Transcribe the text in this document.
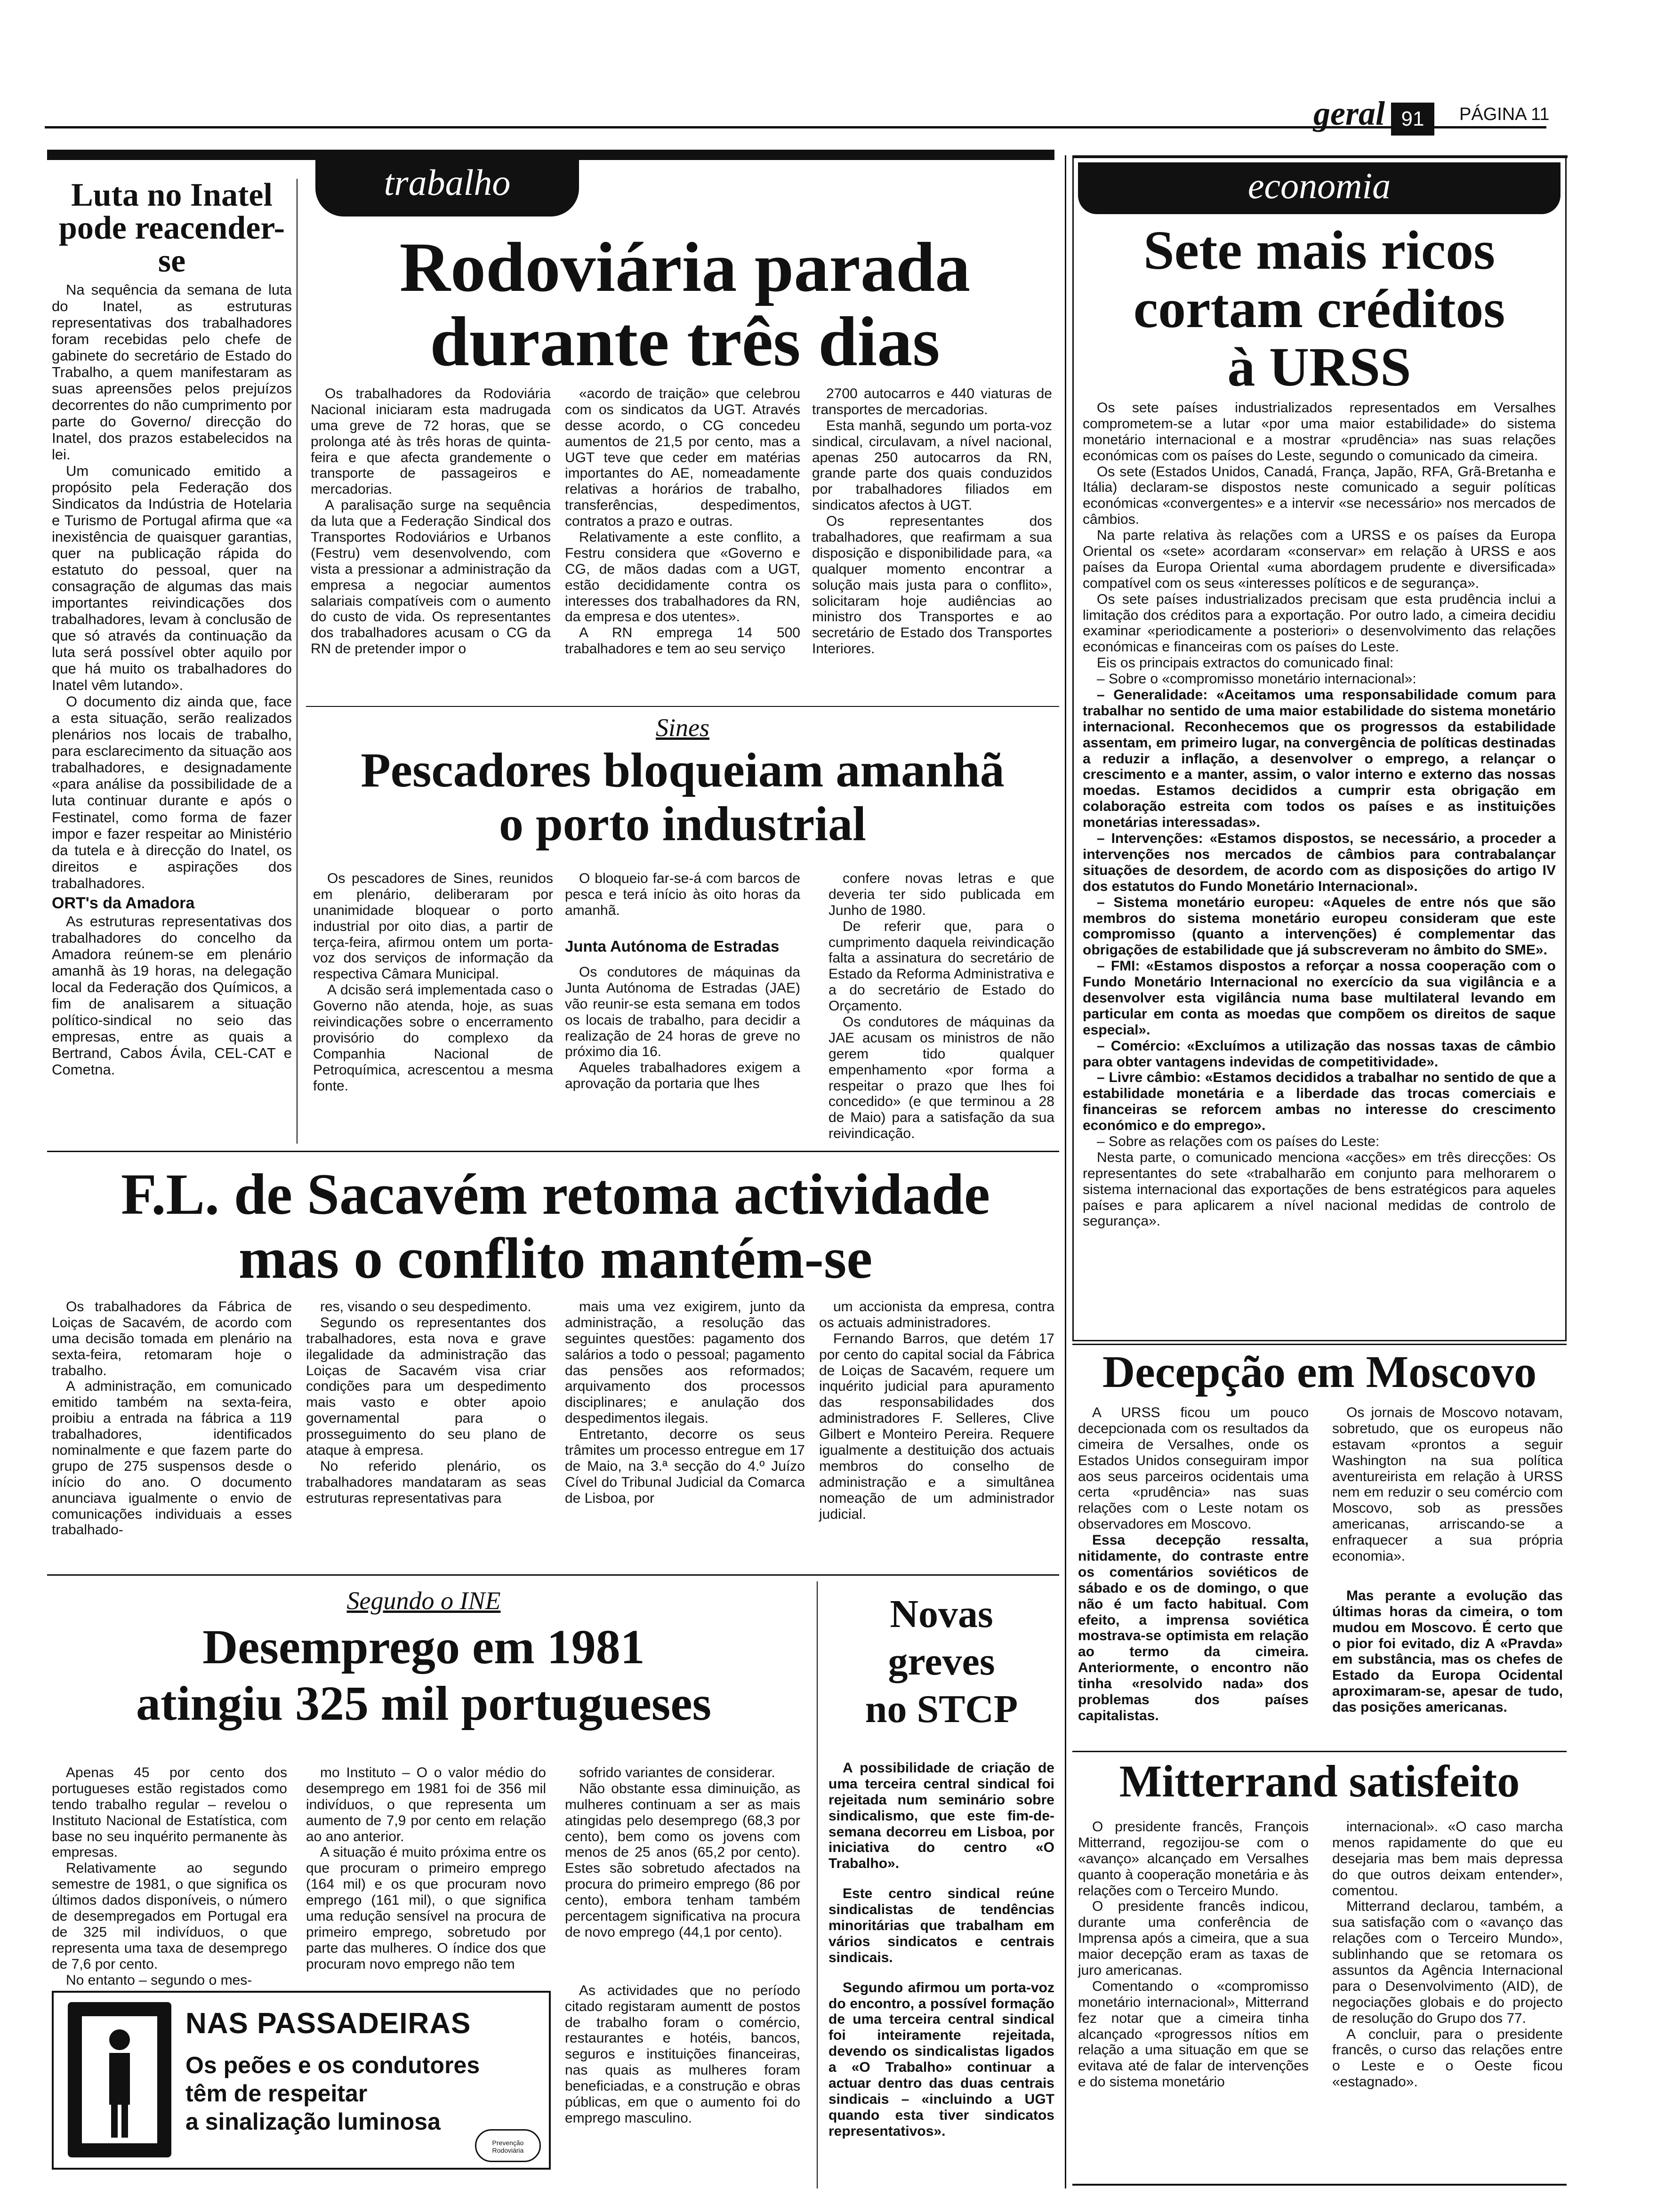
geral 91	PÁGINA 11
Luta no Inatel pode reacender-se

Na sequência da semana de luta do Inatel, as estruturas representativas dos trabalhadores foram recebidas pelo chefe de gabinete do secretário de Estado do Trabalho, a quem manifestaram as suas apreensões pelos prejuízos decorrentes do não cumprimento por parte do Governo/ direcção do Inatel, dos prazos estabelecidos na lei.

Um comunicado emitido a propósito pela Federação dos Sindicatos da Indústria de Hotelaria e Turismo de Portugal afirma que «a inexistência de quaisquer garantias, quer na publicação rápida do estatuto do pessoal, quer na consagração de algumas das mais importantes reivindicações dos trabalhadores, levam à conclusão de que só através da continuação da luta será possível obter aquilo por que há muito os trabalhadores do Inatel vêm lutando».

O documento diz ainda que, face a esta situação, serão realizados plenários nos locais de trabalho, para esclarecimento da situação aos trabalhadores, e designadamente «para análise da possibilidade de a luta continuar durante e após o Festinatel, como forma de fazer impor e fazer respeitar ao Ministério da tutela e à direcção do Inatel, os direitos e aspirações dos trabalhadores.

ORT's da Amadora

As estruturas representativas dos trabalhadores do concelho da Amadora reúnem-se em plenário amanhã às 19 horas, na delegação local da Federação dos Químicos, a fim de analisarem a situação político-sindical no seio das empresas, entre as quais a Bertrand, Cabos Ávila, CEL-CAT e Cometna.

trabalho
Rodoviária parada
durante três dias

Os trabalhadores da Rodoviária Nacional iniciaram esta madrugada uma greve de 72 horas, que se prolonga até às três horas de quinta-feira e que afecta grandemente o transporte de passageiros e mercadorias.

A paralisação surge na sequência da luta que a Federação Sindical dos Transportes Rodoviários e Urbanos (Festru) vem desenvolvendo, com vista a pressionar a administração da empresa a negociar aumentos salariais compatíveis com o aumento do custo de vida. Os representantes dos trabalhadores acusam o CG da RN de pretender impor o

«acordo de traição» que celebrou com os sindicatos da UGT. Através desse acordo, o CG concedeu aumentos de 21,5 por cento, mas a UGT teve que ceder em matérias importantes do AE, nomeadamente relativas a horários de trabalho, transferências, despedimentos, contratos a prazo e outras.

Relativamente a este conflito, a Festru considera que «Governo e CG, de mãos dadas com a UGT, estão decididamente contra os interesses dos trabalhadores da RN, da empresa e dos utentes».

A RN emprega 14 500 trabalhadores e tem ao seu serviço

2700 autocarros e 440 viaturas de transportes de mercadorias.

Esta manhã, segundo um porta-voz sindical, circulavam, a nível nacional, apenas 250 autocarros da RN, grande parte dos quais conduzidos por trabalhadores filiados em sindicatos afectos à UGT.

Os representantes dos trabalhadores, que reafirmam a sua disposição e disponibilidade para, «a qualquer momento encontrar a solução mais justa para o conflito», solicitaram hoje audiências ao ministro dos Transportes e ao secretário de Estado dos Transportes Interiores.

Sines
Pescadores bloqueiam amanhã
o porto industrial

Os pescadores de Sines, reunidos em plenário, deliberaram por unanimidade bloquear o porto industrial por oito dias, a partir de terça-feira, afirmou ontem um porta-voz dos serviços de informação da respectiva Câmara Municipal.

A dcisão será implementada caso o Governo não atenda, hoje, as suas reivindicações sobre o encerramento provisório do complexo da Companhia Nacional de Petroquímica, acrescentou a mesma fonte.

O bloqueio far-se-á com barcos de pesca e terá início às oito horas da amanhã.

Junta Autónoma de Estradas

Os condutores de máquinas da Junta Autónoma de Estradas (JAE) vão reunir-se esta semana em todos os locais de trabalho, para decidir a realização de 24 horas de greve no próximo dia 16.

Aqueles trabalhadores exigem a aprovação da portaria que lhes

confere novas letras e que deveria ter sido publicada em Junho de 1980.

De referir que, para o cumprimento daquela reivindicação falta a assinatura do secretário de Estado da Reforma Administrativa e a do secretário de Estado do Orçamento.

Os condutores de máquinas da JAE acusam os ministros de não gerem tido qualquer empenhamento «por forma a respeitar o prazo que lhes foi concedido» (e que terminou a 28 de Maio) para a satisfação da sua reivindicação.

F.L. de Sacavém retoma actividade
mas o conflito mantém-se

Os trabalhadores da Fábrica de Loiças de Sacavém, de acordo com uma decisão tomada em plenário na sexta-feira, retomaram hoje o trabalho.

A administração, em comunicado emitido também na sexta-feira, proibiu a entrada na fábrica a 119 trabalhadores, identificados nominalmente e que fazem parte do grupo de 275 suspensos desde o início do ano. O documento anunciava igualmente o envio de comunicações individuais a esses trabalhado-

res, visando o seu despedimento.

Segundo os representantes dos trabalhadores, esta nova e grave ilegalidade da administração das Loiças de Sacavém visa criar condições para um despedimento mais vasto e obter apoio governamental para o prosseguimento do seu plano de ataque à empresa.

No referido plenário, os trabalhadores mandataram as seas estruturas representativas para

mais uma vez exigirem, junto da administração, a resolução das seguintes questões: pagamento dos salários a todo o pessoal; pagamento das pensões aos reformados; arquivamento dos processos disciplinares; e anulação dos despedimentos ilegais.

Entretanto, decorre os seus trâmites um processo entregue em 17 de Maio, na 3.ª secção do 4.º Juízo Cível do Tribunal Judicial da Comarca de Lisboa, por

um accionista da empresa, contra os actuais administradores.

Fernando Barros, que detém 17 por cento do capital social da Fábrica de Loiças de Sacavém, requere um inquérito judicial para apuramento das responsabilidades dos administradores F. Selleres, Clive Gilbert e Monteiro Pereira. Requere igualmente a destituição dos actuais membros do conselho de administração e a simultânea nomeação de um administrador judicial.

Segundo o INE
Desemprego em 1981
atingiu 325 mil portugueses

Apenas 45 por cento dos portugueses estão registados como tendo trabalho regular – revelou o Instituto Nacional de Estatística, com base no seu inquérito permanente às empresas.

Relativamente ao segundo semestre de 1981, o que significa os últimos dados disponíveis, o número de desempregados em Portugal era de 325 mil indivíduos, o que representa uma taxa de desemprego de 7,6 por cento.

No entanto – segundo o mes-

mo Instituto – O o valor médio do desemprego em 1981 foi de 356 mil indivíduos, o que representa um aumento de 7,9 por cento em relação ao ano anterior.

A situação é muito próxima entre os que procuram o primeiro emprego (164 mil) e os que procuram novo emprego (161 mil), o que significa uma redução sensível na procura de primeiro emprego, sobretudo por parte das mulheres. O índice dos que procuram novo emprego não tem

sofrido variantes de considerar.

Não obstante essa diminuição, as mulheres continuam a ser as mais atingidas pelo desemprego (68,3 por cento), bem como os jovens com menos de 25 anos (65,2 por cento). Estes são sobretudo afectados na procura do primeiro emprego (86 por cento), embora tenham também percentagem significativa na procura de novo emprego (44,1 por cento).

As actividades que no período citado registaram aumentt de postos de trabalho foram o comércio, restaurantes e hotéis, bancos, seguros e instituições financeiras, nas quais as mulheres foram beneficiadas, e a construção e obras públicas, em que o aumento foi do emprego masculino.

NAS PASSADEIRAS
Os peões e os condutores
têm de respeitar
a sinalização luminosa
Prevenção Rodoviária
Novas
greves
no STCP

A possibilidade de criação de uma terceira central sindical foi rejeitada num seminário sobre sindicalismo, que este fim-de-semana decorreu em Lisboa, por iniciativa do centro «O Trabalho».

Este centro sindical reúne sindicalistas de tendências minoritárias que trabalham em vários sindicatos e centrais sindicais.

Segundo afirmou um porta-voz do encontro, a possível formação de uma terceira central sindical foi inteiramente rejeitada, devendo os sindicalistas ligados a «O Trabalho» continuar a actuar dentro das duas centrais sindicais – «incluindo a UGT quando esta tiver sindicatos representativos».

economia
Sete mais ricos
cortam créditos
à URSS

Os sete países industrializados representados em Versalhes comprometem-se a lutar «por uma maior estabilidade» do sistema monetário internacional e a mostrar «prudência» nas suas relações económicas com os países do Leste, segundo o comunicado da cimeira.

Os sete (Estados Unidos, Canadá, França, Japão, RFA, Grã-Bretanha e Itália) declaram-se dispostos neste comunicado a seguir políticas económicas «convergentes» e a intervir «se necessário» nos mercados de câmbios.

Na parte relativa às relações com a URSS e os países da Europa Oriental os «sete» acordaram «conservar» em relação à URSS e aos países da Europa Oriental «uma abordagem prudente e diversificada» compatível com os seus «interesses políticos e de segurança».

Os sete países industrializados precisam que esta prudência inclui a limitação dos créditos para a exportação. Por outro lado, a cimeira decidiu examinar «periodicamente a posteriori» o desenvolvimento das relações económicas e financeiras com os países do Leste.

Eis os principais extractos do comunicado final:

– Sobre o «compromisso monetário internacional»:

– Generalidade: «Aceitamos uma responsabilidade comum para trabalhar no sentido de uma maior estabilidade do sistema monetário internacional. Reconhecemos que os progressos da estabilidade assentam, em primeiro lugar, na convergência de políticas destinadas a reduzir a inflação, a desenvolver o emprego, a relançar o crescimento e a manter, assim, o valor interno e externo das nossas moedas. Estamos decididos a cumprir esta obrigação em colaboração estreita com todos os países e as instituições monetárias interessadas».

– Intervenções: «Estamos dispostos, se necessário, a proceder a intervenções nos mercados de câmbios para contrabalançar situações de desordem, de acordo com as disposições do artigo IV dos estatutos do Fundo Monetário Internacional».

– Sistema monetário europeu: «Aqueles de entre nós que são membros do sistema monetário europeu consideram que este compromisso (quanto a intervenções) é complementar das obrigações de estabilidade que já subscreveram no âmbito do SME».

– FMI: «Estamos dispostos a reforçar a nossa cooperação com o Fundo Monetário Internacional no exercício da sua vigilância e a desenvolver esta vigilância numa base multilateral levando em particular em conta as moedas que compõem os direitos de saque especial».

– Comércio: «Excluímos a utilização das nossas taxas de câmbio para obter vantagens indevidas de competitividade».

– Livre câmbio: «Estamos decididos a trabalhar no sentido de que a estabilidade monetária e a liberdade das trocas comerciais e financeiras se reforcem ambas no interesse do crescimento económico e do emprego».

– Sobre as relações com os países do Leste:

Nesta parte, o comunicado menciona «acções» em três direcções: Os representantes do sete «trabalharão em conjunto para melhorarem o sistema internacional das exportações de bens estratégicos para aqueles países e para aplicarem a nível nacional medidas de controlo de segurança».

Decepção em Moscovo

A URSS ficou um pouco decepcionada com os resultados da cimeira de Versalhes, onde os Estados Unidos conseguiram impor aos seus parceiros ocidentais uma certa «prudência» nas suas relações com o Leste notam os observadores em Moscovo.

Essa decepção ressalta, nitidamente, do contraste entre os comentários soviéticos de sábado e os de domingo, o que não é um facto habitual. Com efeito, a imprensa soviética mostrava-se optimista em relação ao termo da cimeira. Anteriormente, o encontro não tinha «resolvido nada» dos problemas dos países capitalistas.

Os jornais de Moscovo notavam, sobretudo, que os europeus não estavam «prontos a seguir Washington na sua política aventureirista em relação à URSS nem em reduzir o seu comércio com Moscovo, sob as pressões americanas, arriscando-se a enfraquecer a sua própria economia».

Mas perante a evolução das últimas horas da cimeira, o tom mudou em Moscovo. É certo que o pior foi evitado, diz A «Pravda» em substância, mas os chefes de Estado da Europa Ocidental aproximaram-se, apesar de tudo, das posições americanas.

Mitterrand satisfeito

O presidente francês, François Mitterrand, regozijou-se com o «avanço» alcançado em Versalhes quanto à cooperação monetária e às relações com o Terceiro Mundo.

O presidente francês indicou, durante uma conferência de Imprensa após a cimeira, que a sua maior decepção eram as taxas de juro americanas.

Comentando o «compromisso monetário internacional», Mitterrand fez notar que a cimeira tinha alcançado «progressos nítios em relação a uma situação em que se evitava até de falar de intervenções e do sistema monetário

internacional». «O caso marcha menos rapidamente do que eu desejaria mas bem mais depressa do que outros deixam entender», comentou.

Mitterrand declarou, também, a sua satisfação com o «avanço das relações com o Terceiro Mundo», sublinhando que se retomara os assuntos da Agência Internacional para o Desenvolvimento (AID), de negociações globais e do projecto de resolução do Grupo dos 77.

A concluir, para o presidente francês, o curso das relações entre o Leste e o Oeste ficou «estagnado».
